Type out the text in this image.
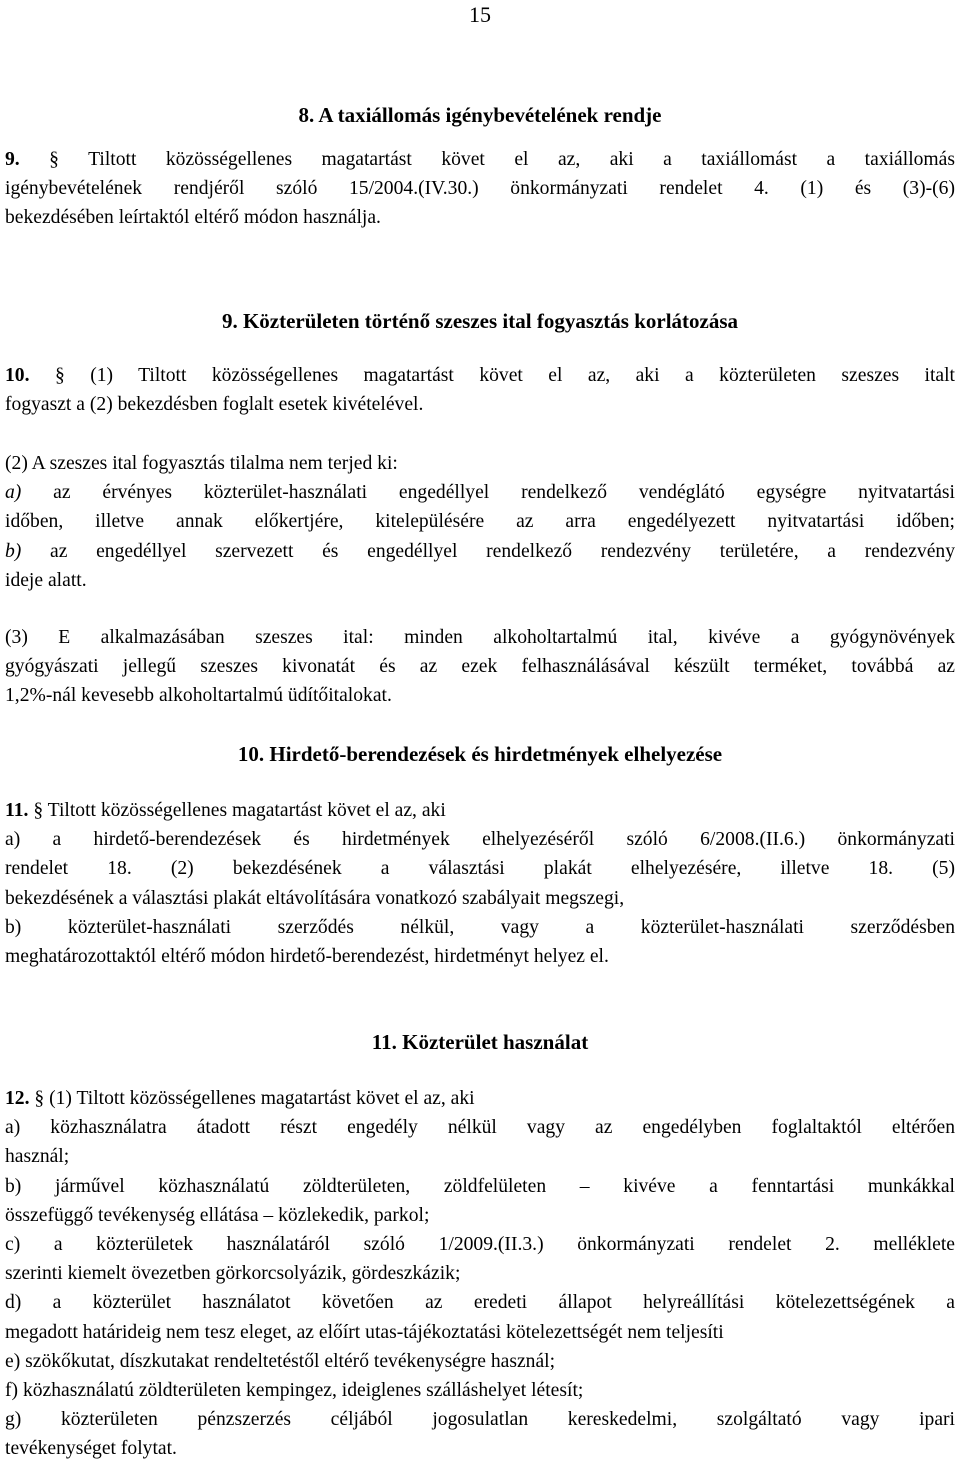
15
8. A taxiállomás igénybevételének rendje
9. § Tiltott közösségellenes magatartást követ el az, aki a taxiállomást a taxiállomás
igénybevételének rendjéről szóló 15/2004.(IV.30.) önkormányzati rendelet 4. (1) és (3)-(6)
bekezdésében leírtaktól eltérő módon használja.
9. Közterületen történő szeszes ital fogyasztás korlátozása
10. § (1) Tiltott közösségellenes magatartást követ el az, aki a közterületen szeszes italt
fogyaszt a (2) bekezdésben foglalt esetek kivételével.
(2) A szeszes ital fogyasztás tilalma nem terjed ki:
a) az érvényes közterület-használati engedéllyel rendelkező vendéglátó egységre nyitvatartási
időben, illetve annak előkertjére, kitelepülésére az arra engedélyezett nyitvatartási időben;
b) az engedéllyel szervezett és engedéllyel rendelkező rendezvény területére, a rendezvény
ideje alatt.
(3) E alkalmazásában szeszes ital: minden alkoholtartalmú ital, kivéve a gyógynövények
gyógyászati jellegű szeszes kivonatát és az ezek felhasználásával készült terméket, továbbá az
1,2%-nál kevesebb alkoholtartalmú üdítőitalokat.
10. Hirdető-berendezések és hirdetmények elhelyezése
11. § Tiltott közösségellenes magatartást követ el az, aki
a) a hirdető-berendezések és hirdetmények elhelyezéséről szóló 6/2008.(II.6.) önkormányzati
rendelet 18. (2) bekezdésének a választási plakát elhelyezésére, illetve 18. (5)
bekezdésének a választási plakát eltávolítására vonatkozó szabályait megszegi,
b) közterület-használati szerződés nélkül, vagy a közterület-használati szerződésben
meghatározottaktól eltérő módon hirdető-berendezést, hirdetményt helyez el.
11. Közterület használat
12. § (1) Tiltott közösségellenes magatartást követ el az, aki
a) közhasználatra átadott részt engedély nélkül vagy az engedélyben foglaltaktól eltérően
használ;
b) járművel közhasználatú zöldterületen, zöldfelületen – kivéve a fenntartási munkákkal
összefüggő tevékenység ellátása – közlekedik, parkol;
c) a közterületek használatáról szóló 1/2009.(II.3.) önkormányzati rendelet 2. melléklete
szerinti kiemelt övezetben görkorcsolyázik, gördeszkázik;
d) a közterület használatot követően az eredeti állapot helyreállítási kötelezettségének a
megadott határideig nem tesz eleget, az előírt utas-tájékoztatási kötelezettségét nem teljesíti
e) szökőkutat, díszkutakat rendeltetéstől eltérő tevékenységre használ;
f) közhasználatú zöldterületen kempingez, ideiglenes szálláshelyet létesít;
g) közterületen pénzszerzés céljából jogosulatlan kereskedelmi, szolgáltató vagy ipari
tevékenységet folytat.
